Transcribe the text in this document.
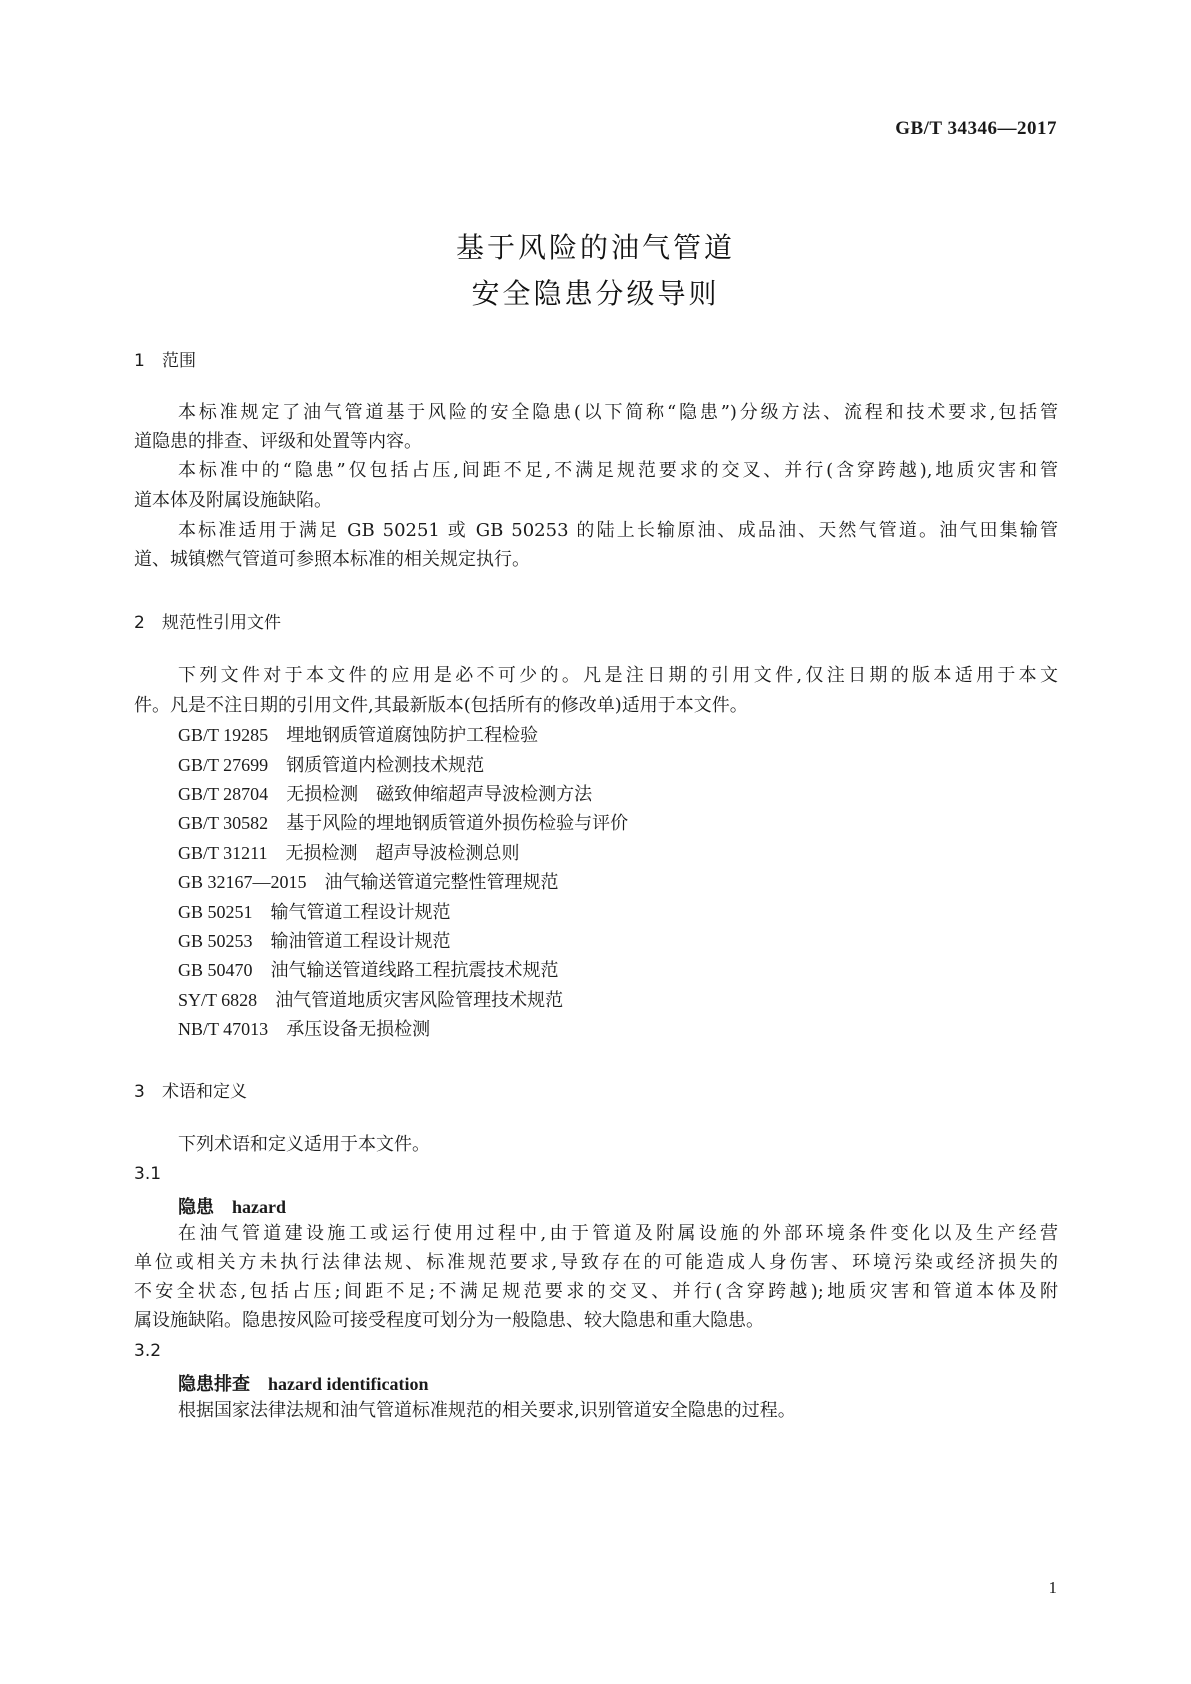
GB/T 34346—2017
基于风险的油气管道
安全隐患分级导则
1 范围
本标准规定了油气管道基于风险的安全隐患(以下简称“隐患”)分级方法、流程和技术要求,包括管
道隐患的排查、评级和处置等内容。
本标准中的“隐患”仅包括占压,间距不足,不满足规范要求的交叉、并行(含穿跨越),地质灾害和管
道本体及附属设施缺陷。
本标准适用于满足 GB 50251 或 GB 50253 的陆上长输原油、成品油、天然气管道。油气田集输管
道、城镇燃气管道可参照本标准的相关规定执行。
2 规范性引用文件
下列文件对于本文件的应用是必不可少的。凡是注日期的引用文件,仅注日期的版本适用于本文
件。凡是不注日期的引用文件,其最新版本(包括所有的修改单)适用于本文件。
GB/T 19285　 埋地钢质管道腐蚀防护工程检验
GB/T 27699　 钢质管道内检测技术规范
GB/T 28704　 无损检测　磁致伸缩超声导波检测方法
GB/T 30582　 基于风险的埋地钢质管道外损伤检验与评价
GB/T 31211　 无损检测　超声导波检测总则
GB 32167—2015　 油气输送管道完整性管理规范
GB 50251　 输气管道工程设计规范
GB 50253　 输油管道工程设计规范
GB 50470　 油气输送管道线路工程抗震技术规范
SY/T 6828　 油气管道地质灾害风险管理技术规范
NB/T 47013　 承压设备无损检测
3 术语和定义
下列术语和定义适用于本文件。
3.1
隐患 hazard
在油气管道建设施工或运行使用过程中,由于管道及附属设施的外部环境条件变化以及生产经营
单位或相关方未执行法律法规、标准规范要求,导致存在的可能造成人身伤害、环境污染或经济损失的
不安全状态,包括占压;间距不足;不满足规范要求的交叉、并行(含穿跨越);地质灾害和管道本体及附
属设施缺陷。隐患按风险可接受程度可划分为一般隐患、较大隐患和重大隐患。
3.2
隐患排查 hazard identification
根据国家法律法规和油气管道标准规范的相关要求,识别管道安全隐患的过程。
1
